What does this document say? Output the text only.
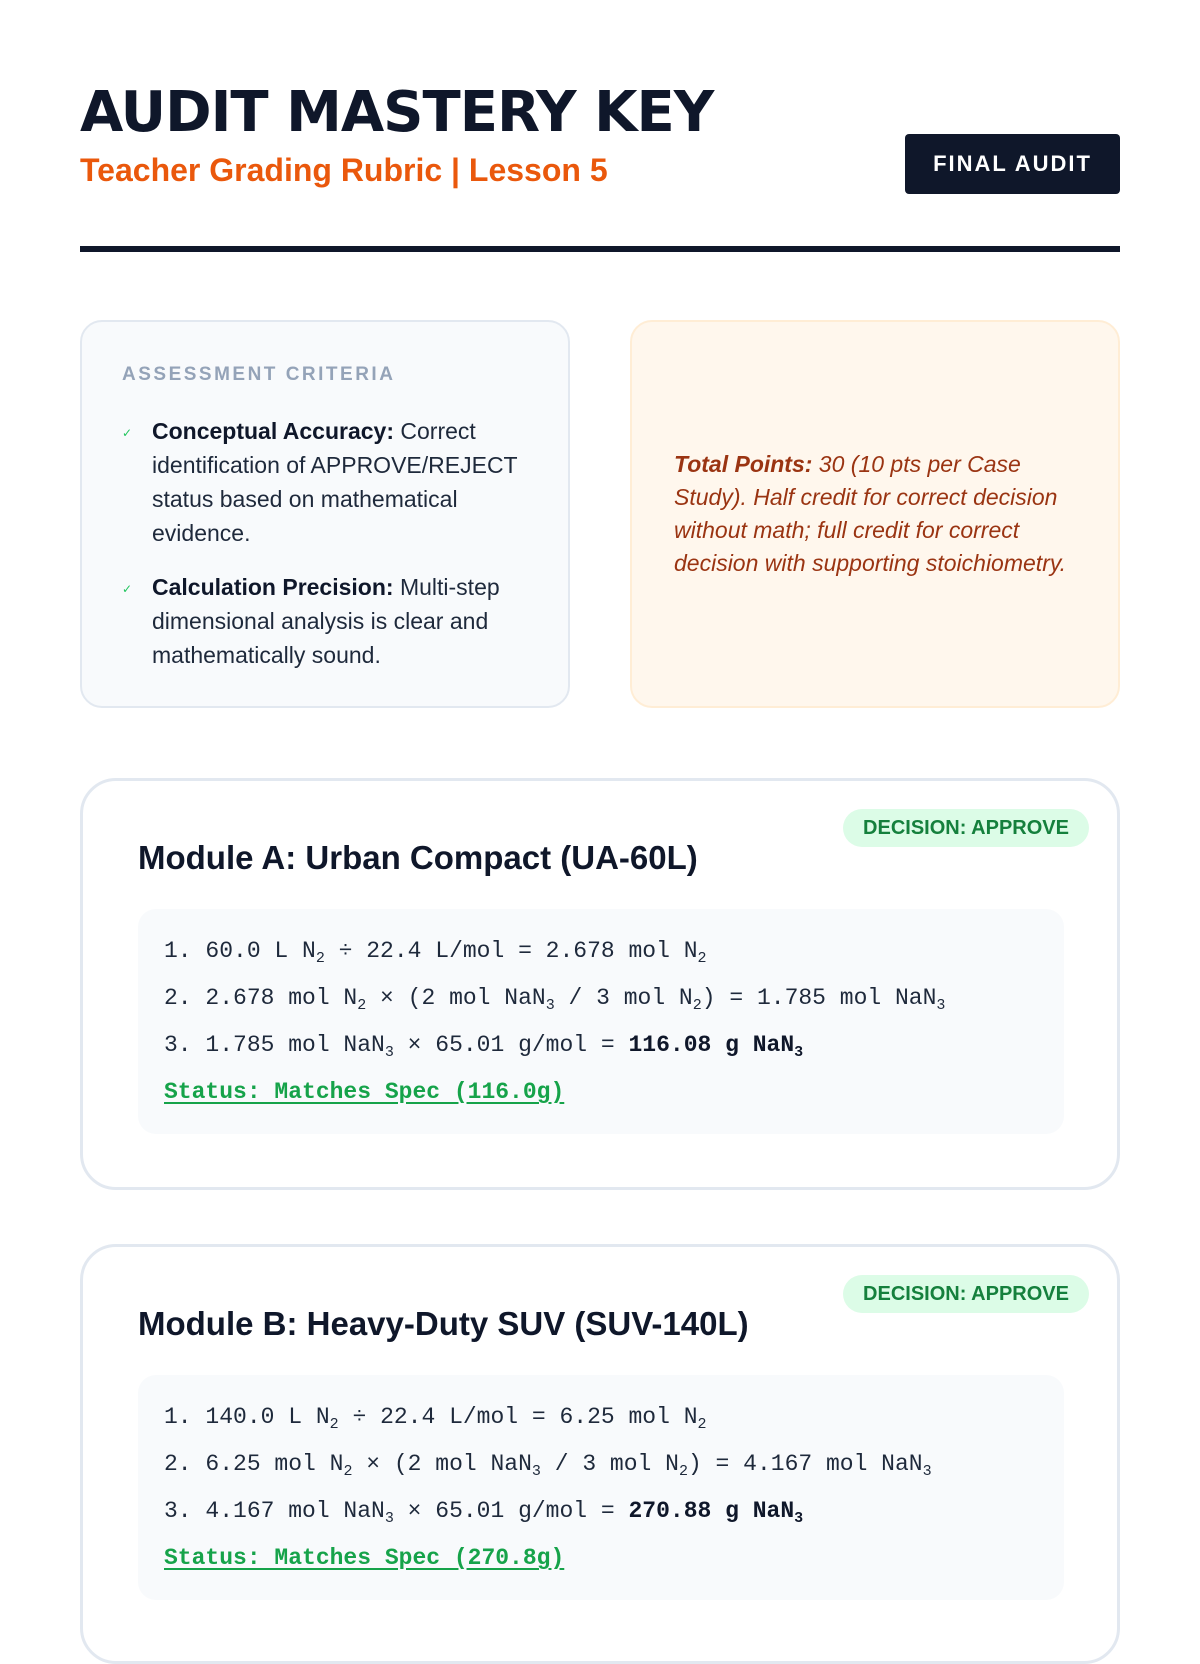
AUDIT MASTERY KEY
Teacher Grading Rubric | Lesson 5	FINAL AUDIT
ASSESSMENT CRITERIA
✓ Conceptual Accuracy: Correct identification of APPROVE/REJECT status based on mathematical evidence.
✓ Calculation Precision: Multi-step dimensional analysis is clear and mathematically sound.
Total Points: 30 (10 pts per Case Study). Half credit for correct decision without math; full credit for correct decision with supporting stoichiometry.
DECISION: APPROVE
Module A: Urban Compact (UA-60L)
1. 60.0 L $N_2 \div 22.4$ L/mol = 2.678 mol $N_2$
2. 2.678 mol $N_2 \times (2$ mol NaN$_3$ / 3 mol $N_2) = 1.785$ mol NaN$_3$
3. 1.785 mol NaN$_3$ × 65.01 g/mol = 116.08 g NaN$_3$
Status: Matches Spec (116.0g)
DECISION: APPROVE
Module B: Heavy-Duty SUV (SUV-140L)
1. 140.0 L $N_2 \div 22.4$ L/mol = 6.25 mol $N_2$
2. 6.25 mol $N_2 \times (2$ mol NaN$_3$ / 3 mol $N_2) = 4.167$ mol NaN$_3$
3. 4.167 mol NaN$_3$ × 65.01 g/mol = 270.88 g NaN$_3$
Status: Matches Spec (270.8g)
